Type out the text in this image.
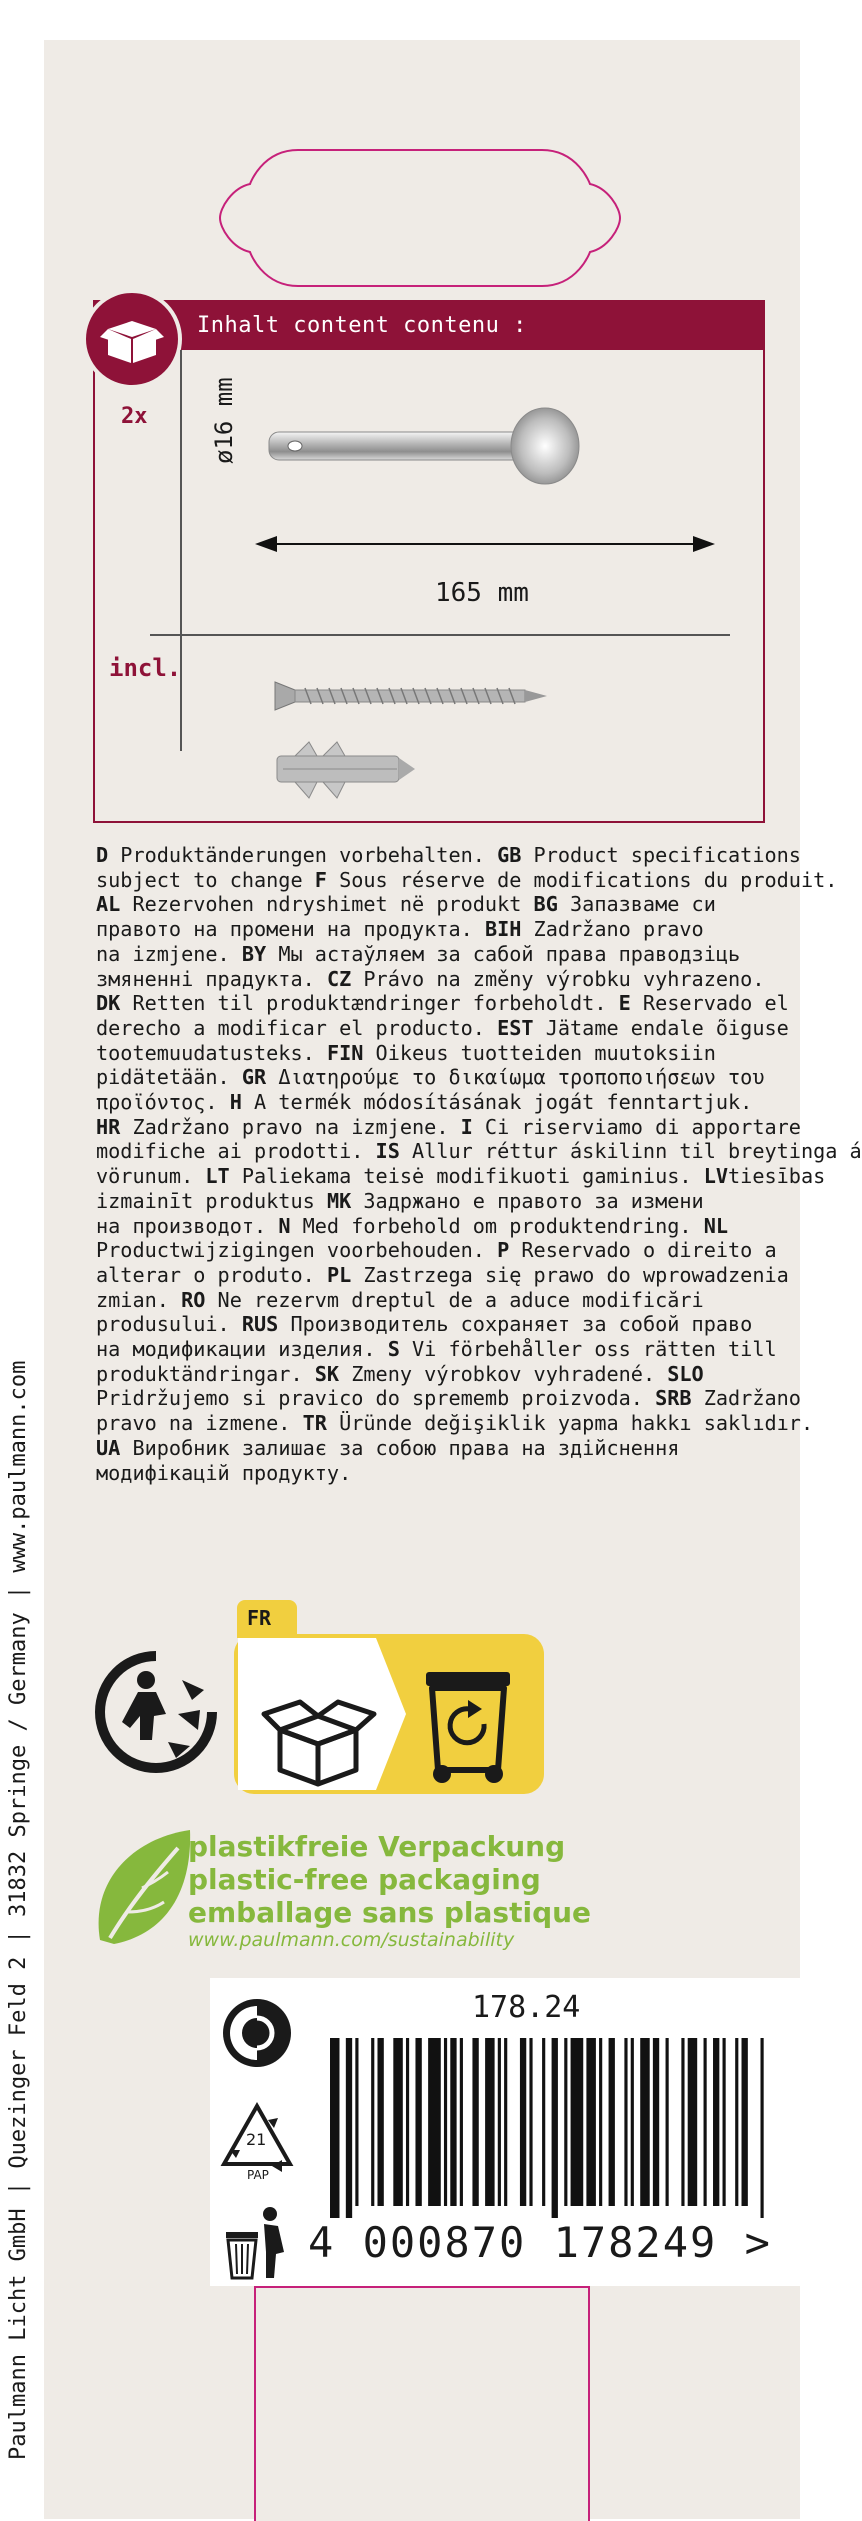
Inhalt content contenu :
2x	ø16 mm
165 mm
incl.
D Produktänderungen vorbehalten. GB Product specifications
subject to change F Sous réserve de modifications du produit.
AL Rezervohen ndryshimet në produkt BG Запазваме си
правото на промени на продукта. BIH Zadržano pravo
na izmjene. BY Мы астаўляем за сабой права праводзіць
змяненні прадукта. CZ Právo na změny výrobku vyhrazeno.
DK Retten til produktændringer forbeholdt. E Reservado el
derecho a modificar el producto. EST Jätame endale õiguse
tootemuudatusteks. FIN Oikeus tuotteiden muutoksiin
pidätetään. GR Διατηρούμε το δικαίωμα τροποποιήσεων του
προϊόντος. H A termék módosításának jogát fenntartjuk.
HR Zadržano pravo na izmjene. I Ci riserviamo di apportare
modifiche ai prodotti. IS Allur réttur áskilinn til breytinga á
vörunum. LT Paliekama teisė modifikuoti gaminius. LVtiesības
izmainīt produktus MK Задржано е правото за измени
на производот. N Med forbehold om produktendring. NL
Productwijzigingen voorbehouden. P Reservado o direito a
alterar o produto. PL Zastrzega się prawo do wprowadzenia
zmian. RO Ne rezervm dreptul de a aduce modificări
produsului. RUS Производитель сохраняет за собой право
на модификации изделия. S Vi förbehåller oss rätten till
produktändringar. SK Zmeny výrobkov vyhradené. SLO
Pridržujemo si pravico do sprememb proizvoda. SRB Zadržano
pravo na izmene. TR Üründe değişiklik yapma hakkı saklıdır.
UA Виробник залишає за собою права на здійснення
модифікацій продукту.
FR
plastikfreie Verpackung
plastic-free packaging
emballage sans plastique
www.paulmann.com/sustainability
Paulmann Licht GmbH | Quezinger Feld 2 | 31832 Springe / Germany | www.paulmann.com	21
PAP
178.24
4 000870 178249 >
